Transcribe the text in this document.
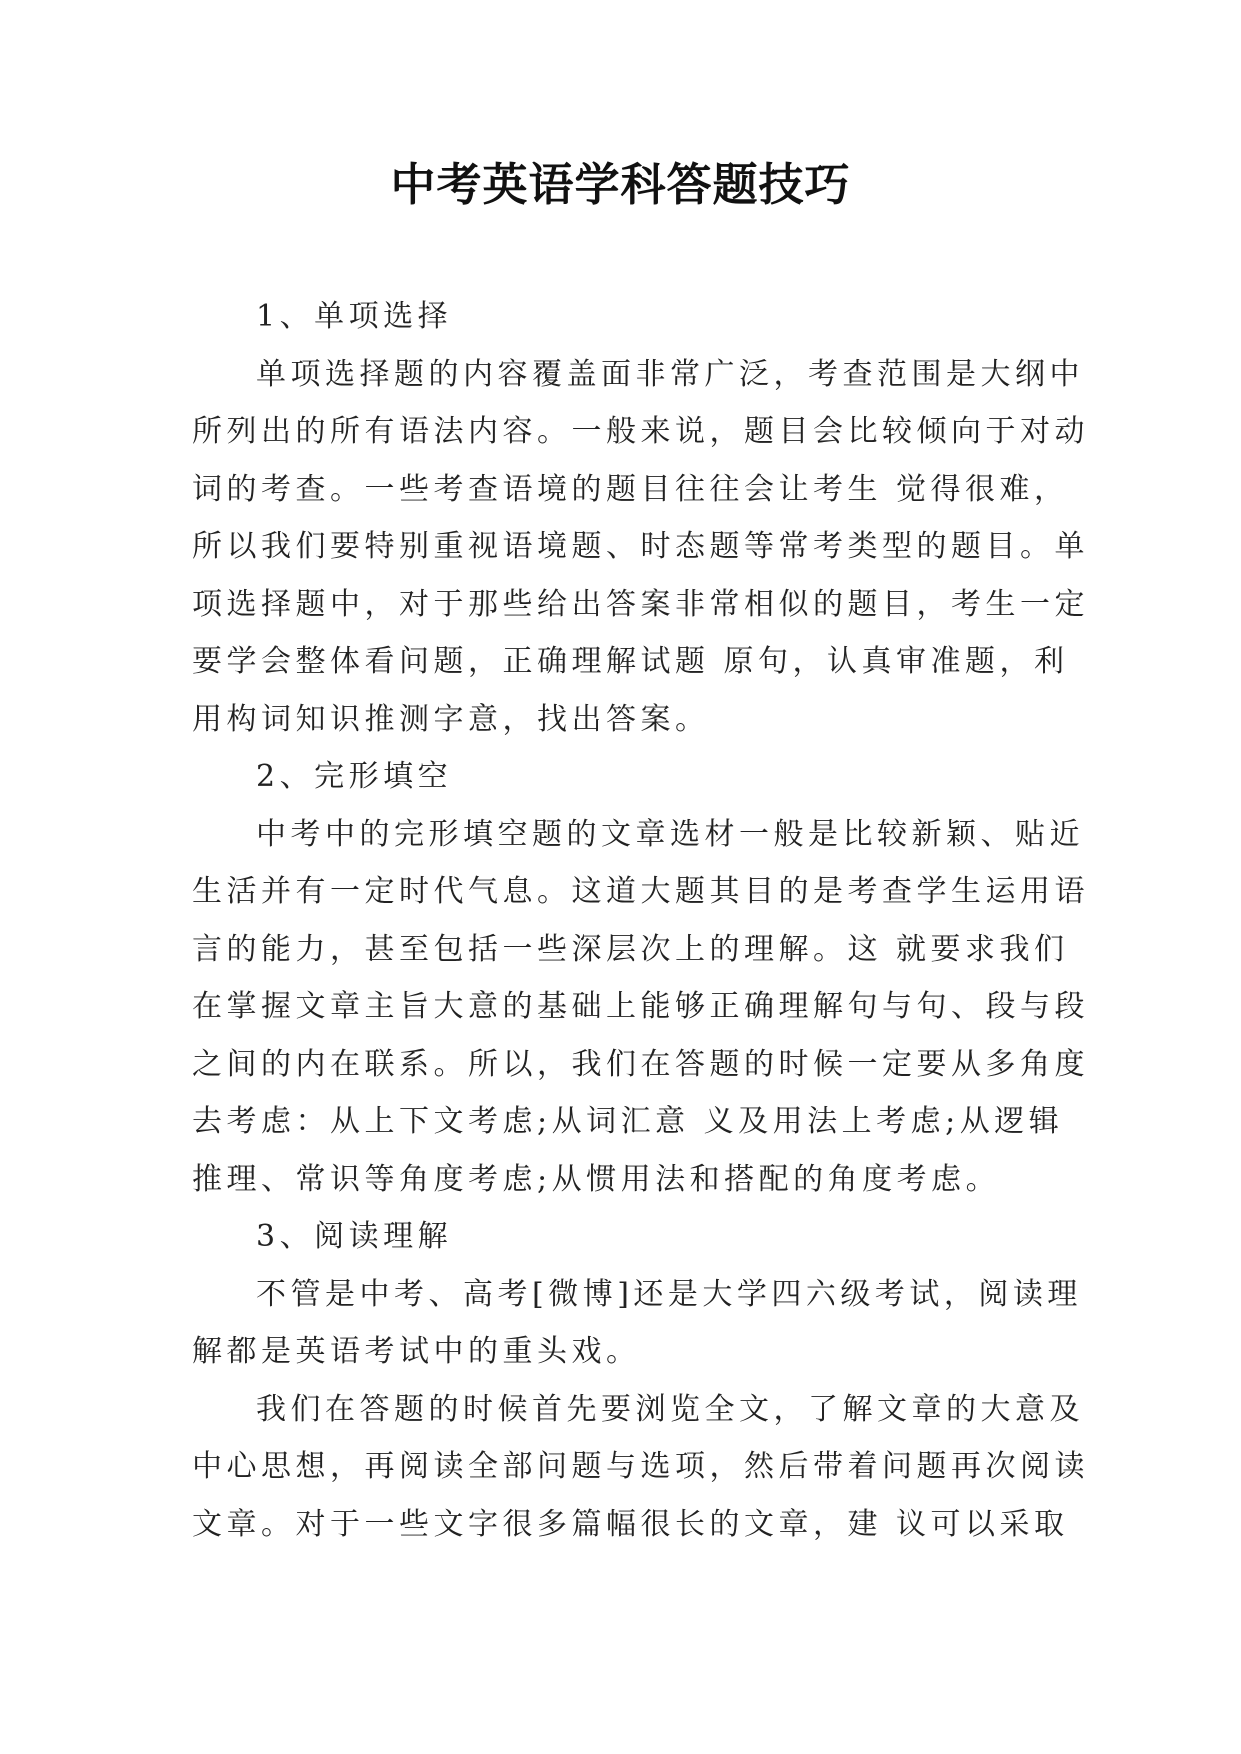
中考英语学科答题技巧
1、单项选择
单项选择题的内容覆盖面非常广泛，考查范围是大纲中
所列出的所有语法内容。一般来说，题目会比较倾向于对动
词的考查。一些考查语境的题目往往会让考生 觉得很难，
所以我们要特别重视语境题、时态题等常考类型的题目。单
项选择题中，对于那些给出答案非常相似的题目，考生一定
要学会整体看问题，正确理解试题 原句，认真审准题，利
用构词知识推测字意，找出答案。
2、完形填空
中考中的完形填空题的文章选材一般是比较新颖、贴近
生活并有一定时代气息。这道大题其目的是考查学生运用语
言的能力，甚至包括一些深层次上的理解。这 就要求我们
在掌握文章主旨大意的基础上能够正确理解句与句、段与段
之间的内在联系。所以，我们在答题的时候一定要从多角度
去考虑：从上下文考虑;从词汇意 义及用法上考虑;从逻辑
推理、常识等角度考虑;从惯用法和搭配的角度考虑。
3、阅读理解
不管是中考、高考[微博]还是大学四六级考试，阅读理
解都是英语考试中的重头戏。
我们在答题的时候首先要浏览全文，了解文章的大意及
中心思想，再阅读全部问题与选项，然后带着问题再次阅读
文章。对于一些文字很多篇幅很长的文章，建 议可以采取
